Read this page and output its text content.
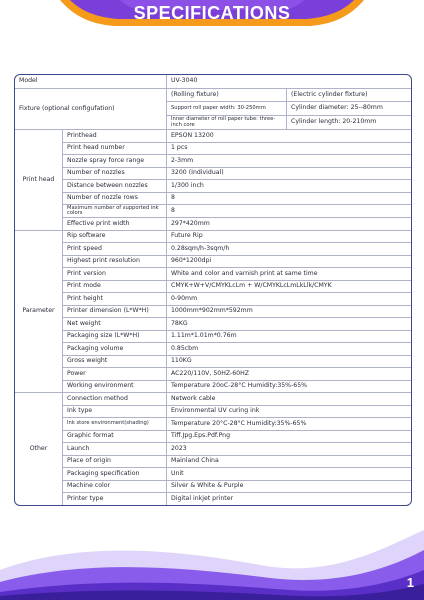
SPECIFICATIONS
Model	UV-3040
Fixture (optional configufation)
(Rolling fixture)	(Electric cylinder fixture)
Support roll paper width: 30-250mm	Cylinder diameter: 25--80mm
Inner diameter of roll paper tube: three-inch core	Cylinder length: 20-210mm
Print head
Printhead	EPSON 13200
Print head number	1 pcs
Nozzle spray force range	2-3mm
Number of nozzles	3200 (Individual)
Distance between nozzles	1/300 inch
Number of nozzle rows	8
Maximum number of supported ink colors	8
Effective print width	297*420mm
Parameter
Rip software	Future Rip
Print speed	0.28sqm/h-3sqm/h
Highest print resolution	960*1200dpi
Print version	White and color and varnish print at same time
Print mode	CMYK+W+V/CMYKLcLm + W/CMYKLcLmLkLlk/CMYK
Print height	0-90mm
Printer dimension (L*W*H)	1000mm*902mm*592mm
Net weight	78KG
Packaging size (L*W*H)	1.11m*1.01m*0.76m
Packaging volume	0.85cbm
Gross weight	110KG
Power	AC220/110V, 50HZ-60HZ
Working environment	Temperature 20oC-28°C Humidity:35%-65%
Other
Connection method	Network cable
Ink type	Environmental UV curing ink
Ink store environment(shading)	Temperature 20°C-28°C Humidity:35%-65%
Graphic format	Tiff.Jpg.Eps.Pdf.Png
Launch	2023
Place of origin	Mainland China
Packaging specification	Unit
Machine color	Silver & White & Purple
Printer type	Digital inkjet printer
1
